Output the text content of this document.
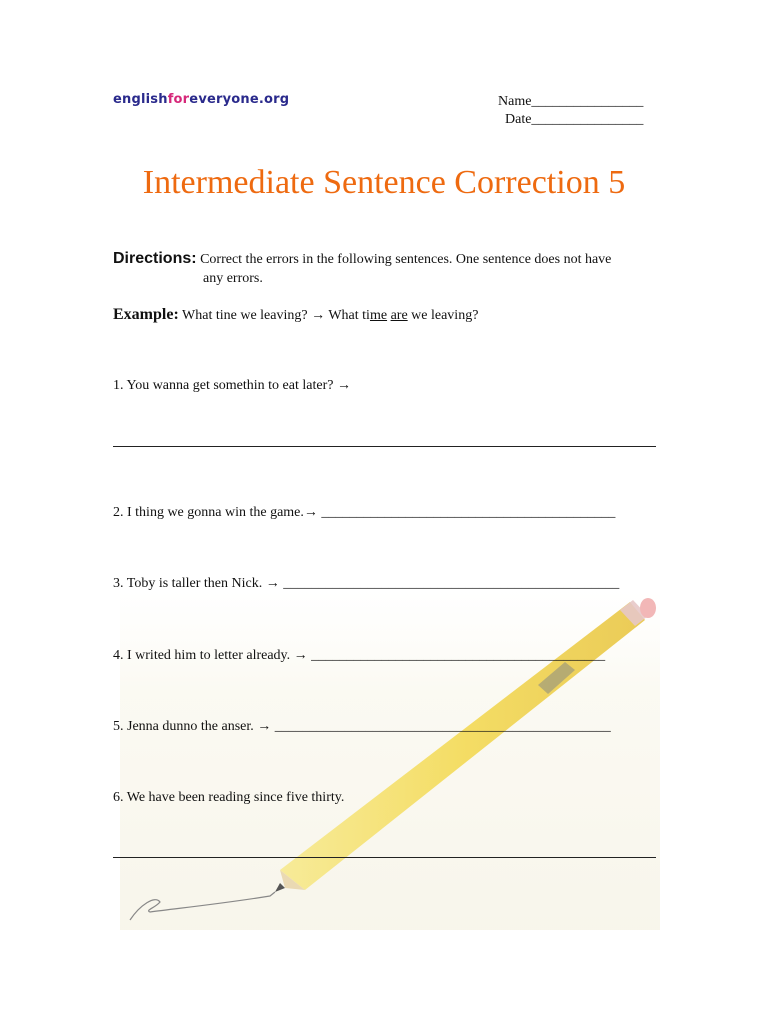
englishforeveryone.org	Name________________
Date________________
Intermediate Sentence Correction 5
Directions: Correct the errors in the following sentences. One sentence does not have
any errors.
Example: What tine we leaving? → What time are we leaving?
1. You wanna get somethin to eat later? →
2. I thing we gonna win the game.→ __________________________________________
3. Toby is taller then Nick. → ________________________________________________
4. I writed him to letter already. → __________________________________________
5. Jenna dunno the anser. → ________________________________________________
6. We have been reading since five thirty.
